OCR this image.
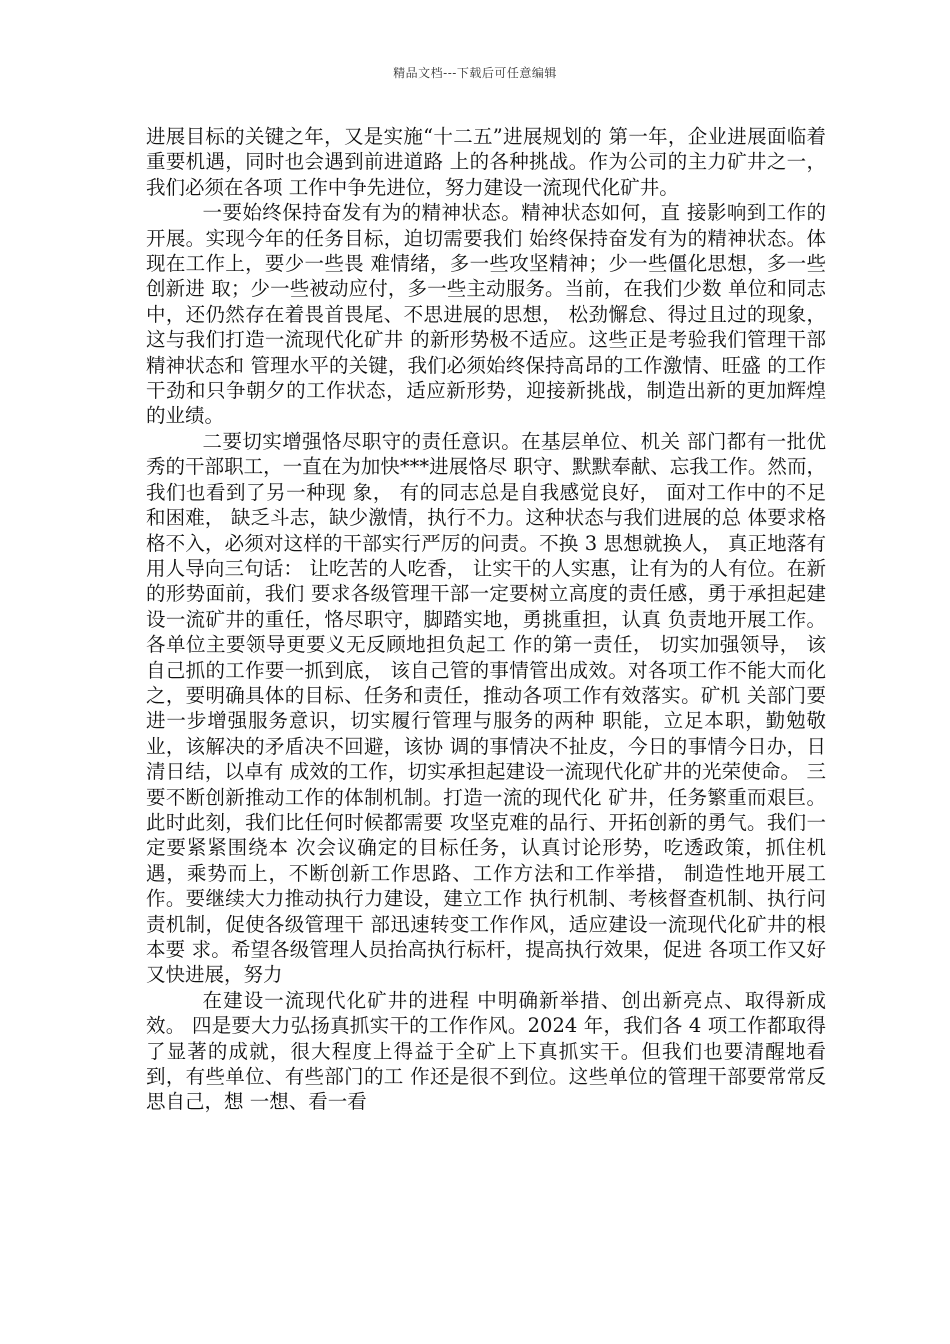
精品文档---下载后可任意编辑

进展目标的关键之年，又是实施“十二五”进展规划的 第一年，企业进展面临着重要机遇，同时也会遇到前进道路 上的各种挑战。作为公司的主力矿井之一，我们必须在各项 工作中争先进位，努力建设一流现代化矿井。

一要始终保持奋发有为的精神状态。精神状态如何，直 接影响到工作的开展。实现今年的任务目标，迫切需要我们 始终保持奋发有为的精神状态。体现在工作上，要少一些畏 难情绪，多一些攻坚精神；少一些僵化思想，多一些创新进 取；少一些被动应付，多一些主动服务。当前，在我们少数 单位和同志中，还仍然存在着畏首畏尾、不思进展的思想， 松劲懈怠、得过且过的现象，这与我们打造一流现代化矿井 的新形势极不适应。这些正是考验我们管理干部精神状态和 管理水平的关键，我们必须始终保持高昂的工作激情、旺盛 的工作干劲和只争朝夕的工作状态，适应新形势，迎接新挑战，制造出新的更加辉煌的业绩。

二要切实增强恪尽职守的责任意识。在基层单位、机关 部门都有一批优秀的干部职工，一直在为加快***进展恪尽 职守、默默奉献、忘我工作。然而，我们也看到了另一种现 象， 有的同志总是自我感觉良好， 面对工作中的不足和困难， 缺乏斗志，缺少激情，执行不力。这种状态与我们进展的总 体要求格格不入，必须对这样的干部实行严厉的问责。不换 3 思想就换人， 真正地落有用人导向三句话： 让吃苦的人吃香， 让实干的人实惠，让有为的人有位。在新的形势面前，我们 要求各级管理干部一定要树立高度的责任感，勇于承担起建 设一流矿井的重任，恪尽职守，脚踏实地，勇挑重担，认真 负责地开展工作。各单位主要领导更要义无反顾地担负起工 作的第一责任， 切实加强领导， 该自己抓的工作要一抓到底， 该自己管的事情管出成效。对各项工作不能大而化之，要明确具体的目标、任务和责任，推动各项工作有效落实。矿机 关部门要进一步增强服务意识，切实履行管理与服务的两种 职能，立足本职，勤勉敬业，该解决的矛盾决不回避，该协 调的事情决不扯皮，今日的事情今日办，日清日结，以卓有 成效的工作，切实承担起建设一流现代化矿井的光荣使命。 三要不断创新推动工作的体制机制。打造一流的现代化 矿井，任务繁重而艰巨。此时此刻，我们比任何时候都需要 攻坚克难的品行、开拓创新的勇气。我们一定要紧紧围绕本 次会议确定的目标任务，认真讨论形势，吃透政策，抓住机遇，乘势而上，不断创新工作思路、工作方法和工作举措， 制造性地开展工作。要继续大力推动执行力建设，建立工作 执行机制、考核督查机制、执行问责机制，促使各级管理干 部迅速转变工作作风，适应建设一流现代化矿井的根本要 求。希望各级管理人员抬高执行标杆，提高执行效果，促进 各项工作又好又快进展，努力

在建设一流现代化矿井的进程 中明确新举措、创出新亮点、取得新成效。 四是要大力弘扬真抓实干的工作作风。2024 年，我们各 4 项工作都取得了显著的成就，很大程度上得益于全矿上下真抓实干。但我们也要清醒地看到，有些单位、有些部门的工 作还是很不到位。这些单位的管理干部要常常反思自己，想 一想、看一看
